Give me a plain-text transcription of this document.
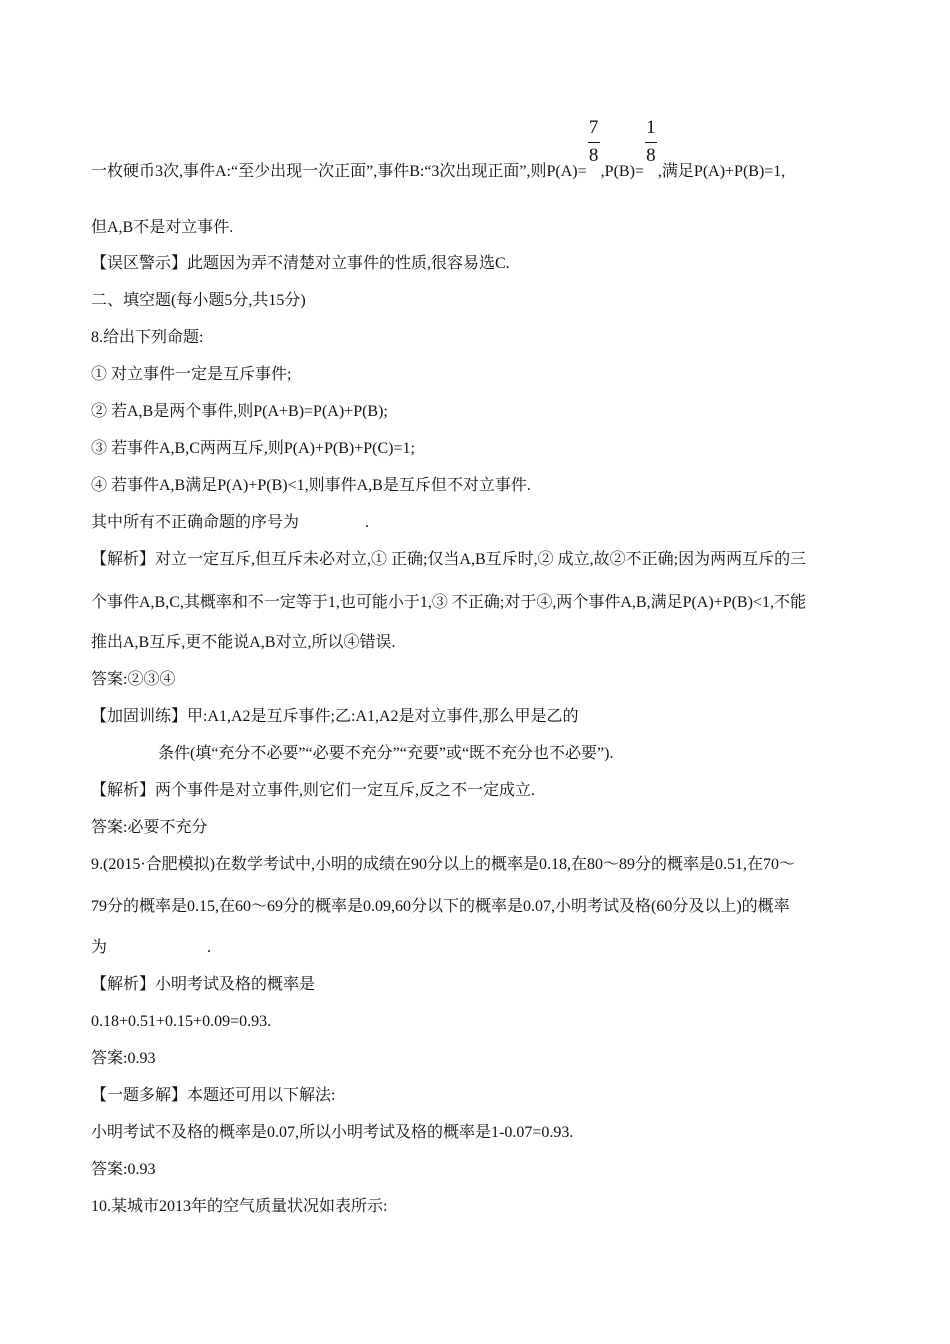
一枚硬币3次,事件A:“至少出现一次正面”,事件B:“3次出现正面”,则$P(A)= \frac{7}{8} ,P(B)= \frac{1}{8}$ ,满足P(A)+P(B)=1,
但A,B不是对立事件.
【误区警示】此题因为弄不清楚对立事件的性质,很容易选C.
二、填空题(每小题5分,共15分)
8.给出下列命题:
① 对立事件一定是互斥事件;
② 若A,B是两个事件,则P(A+B)=P(A)+P(B);
③ 若事件A,B,C两两互斥,则P(A)+P(B)+P(C)=1;
④ 若事件A,B满足P(A)+P(B)<1,则事件A,B是互斥但不对立事件.
其中所有不正确命题的序号为	.
【解析】对立一定互斥,但互斥未必对立,① 正确;仅当A,B互斥时,② 成立,故②不正确;因为两两互斥的三
个事件A,B,C,其概率和不一定等于1,也可能小于1,③ 不正确;对于④,两个事件A,B,满足P(A)+P(B)<1,不能
推出A,B互斥,更不能说A,B对立,所以④错误.
答案:②③④
【加固训练】甲:A1,A2是互斥事件;乙:A1,A2是对立事件,那么甲是乙的
条件(填“充分不必要”“必要不充分”“充要”或“既不充分也不必要”).
【解析】两个事件是对立事件,则它们一定互斥,反之不一定成立.
答案:必要不充分
9.(2015·合肥模拟)在数学考试中,小明的成绩在90分以上的概率是0.18,在80～89分的概率是0.51,在70～
79分的概率是0.15,在60～69分的概率是0.09,60分以下的概率是0.07,小明考试及格(60分及以上)的概率
为	.
【解析】小明考试及格的概率是
0.18+0.51+0.15+0.09=0.93.
答案:0.93
【一题多解】本题还可用以下解法:
小明考试不及格的概率是0.07,所以小明考试及格的概率是1-0.07=0.93.
答案:0.93
10.某城市2013年的空气质量状况如表所示:
